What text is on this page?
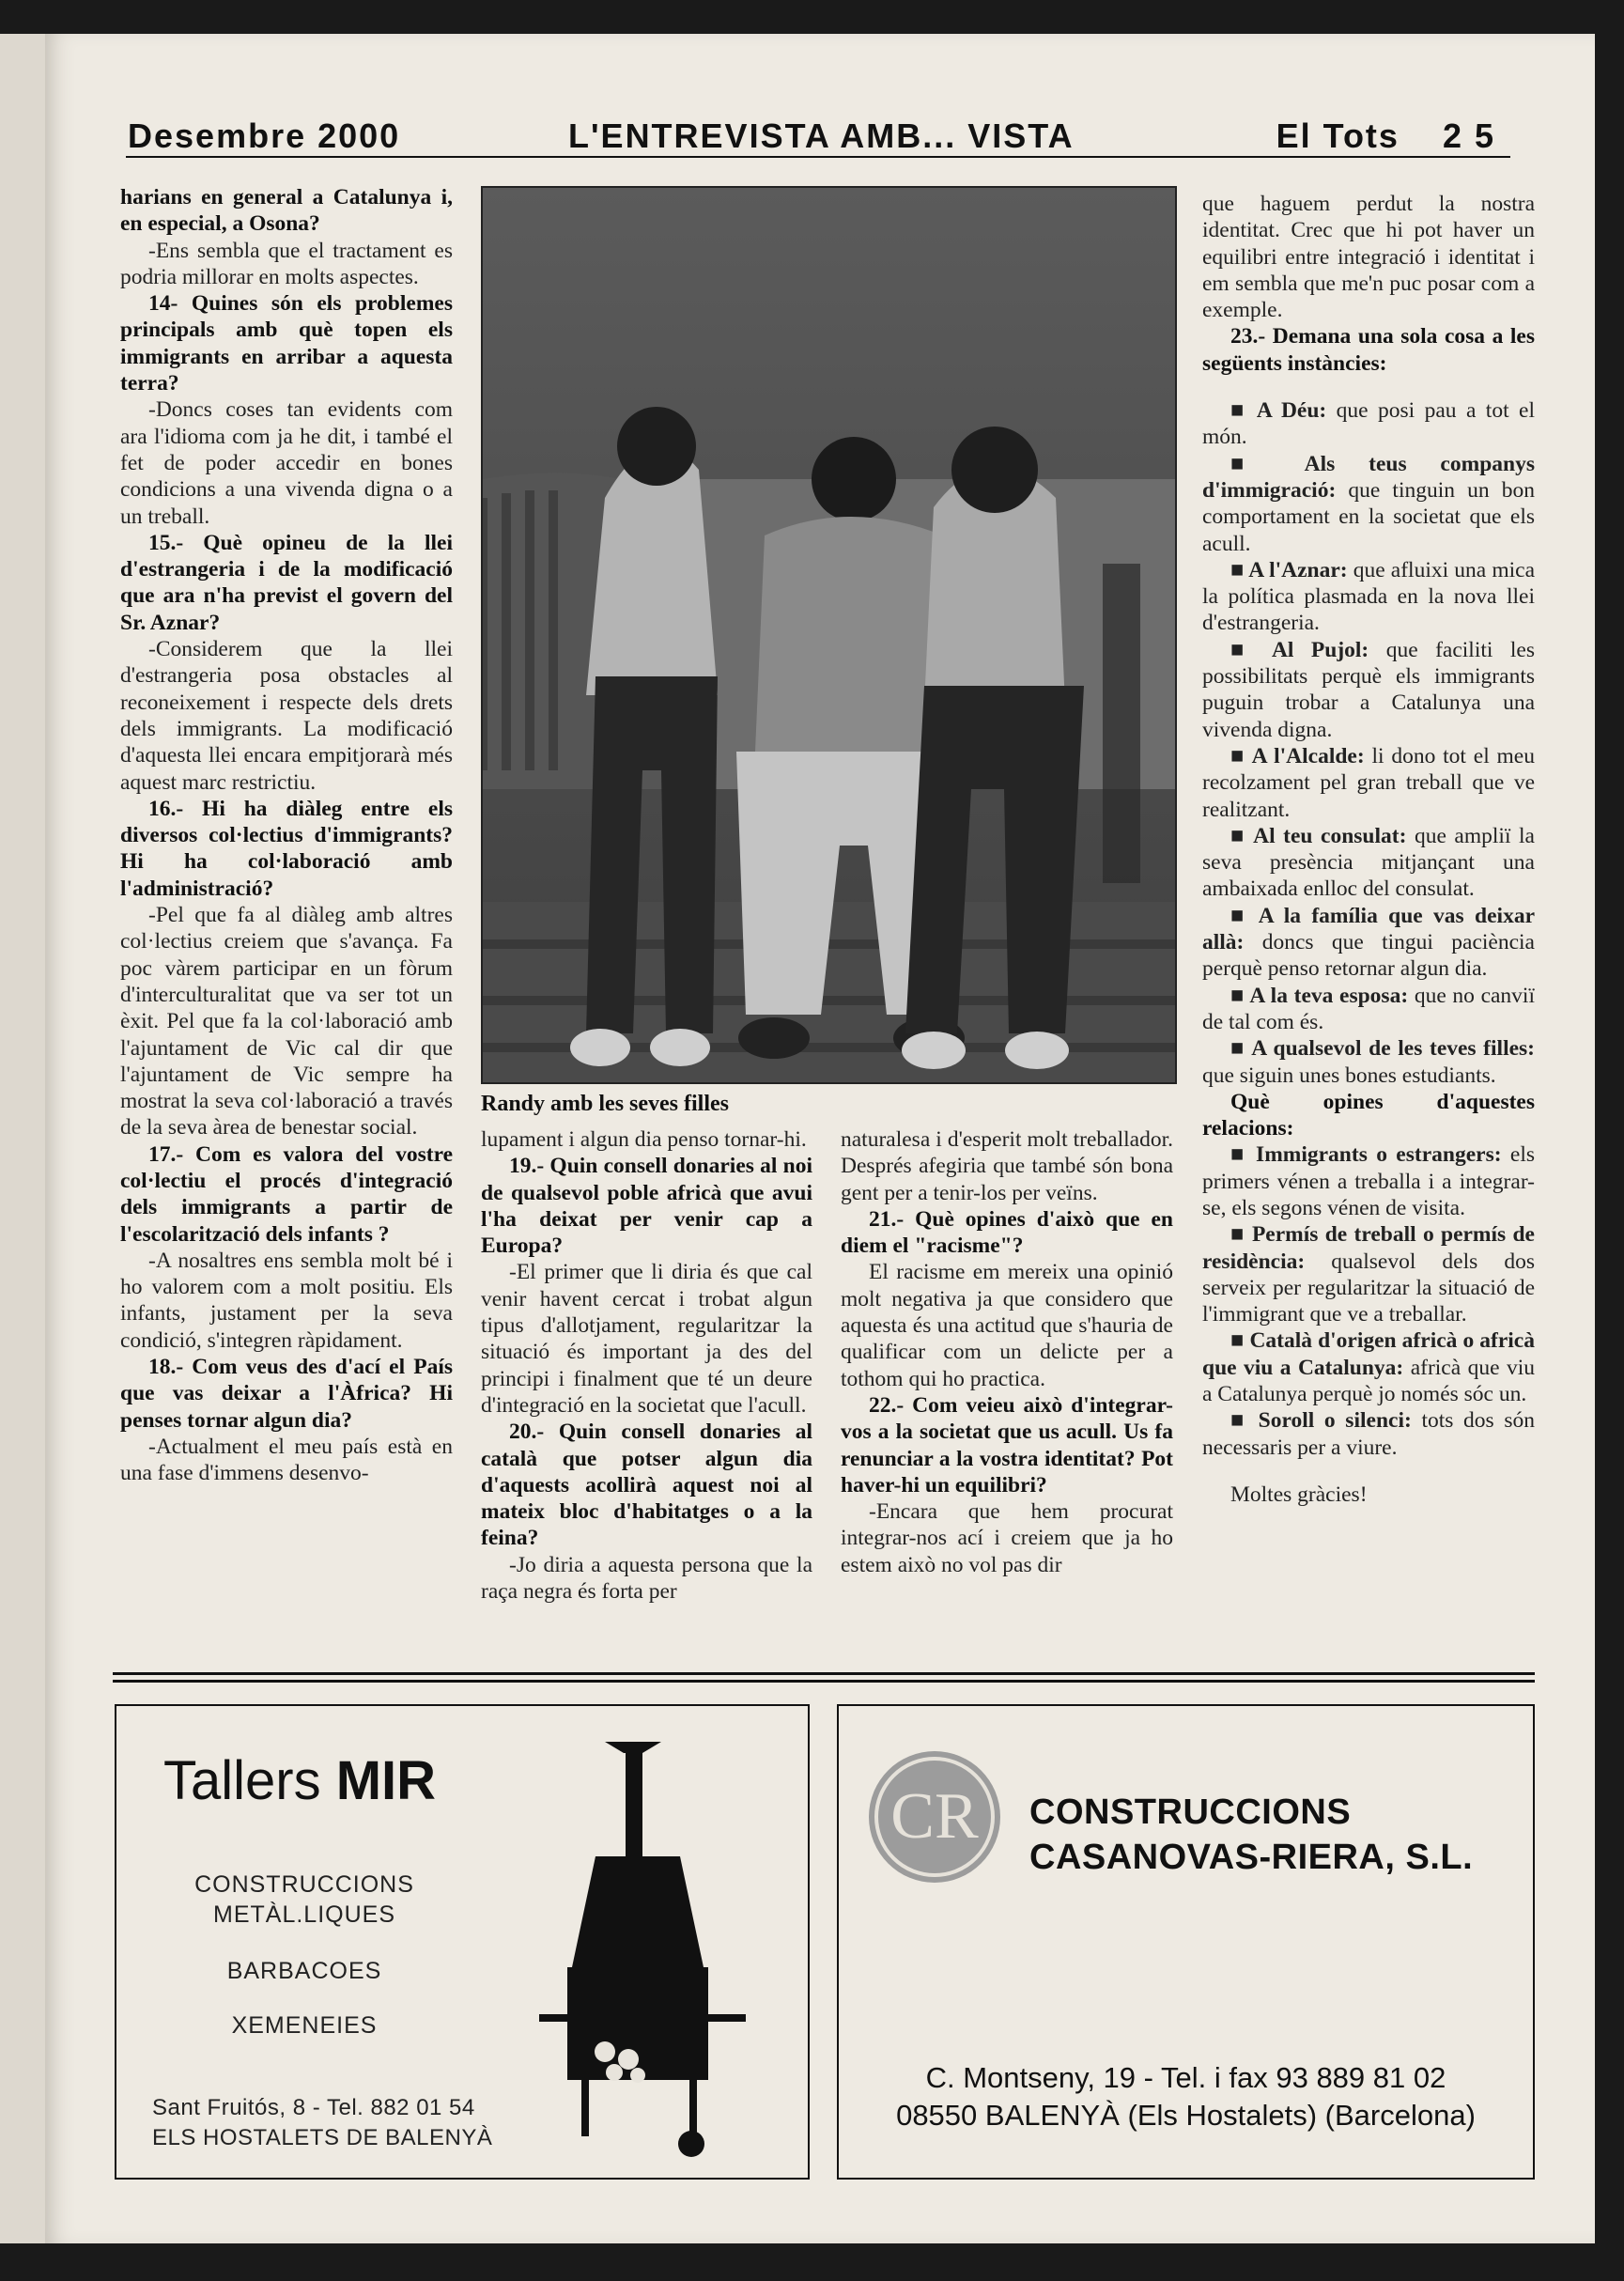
Desembre 2000	L'ENTREVISTA AMB... VISTA	El Tots 2 5

harians en general a Catalunya i, en especial, a Osona?

-Ens sembla que el tractament es podria millorar en molts aspectes.

14- Quines són els problemes principals amb què topen els immigrants en arribar a aquesta terra?

-Doncs coses tan evidents com ara l'idioma com ja he dit, i també el fet de poder accedir en bones condicions a una vivenda digna o a un treball.

15.- Què opineu de la llei d'estrangeria i de la modificació que ara n'ha previst el govern del Sr. Aznar?

-Considerem que la llei d'estrangeria posa obstacles al reconeixement i respecte dels drets dels immigrants. La modificació d'aquesta llei encara empitjorarà més aquest marc restrictiu.

16.- Hi ha diàleg entre els diversos col·lectius d'immigrants? Hi ha col·laboració amb l'administració?

-Pel que fa al diàleg amb altres col·lectius creiem que s'avança. Fa poc vàrem participar en un fòrum d'interculturalitat que va ser tot un èxit. Pel que fa la col·laboració amb l'ajuntament de Vic cal dir que l'ajuntament de Vic sempre ha mostrat la seva col·laboració a través de la seva àrea de benestar social.

17.- Com es valora del vostre col·lectiu el procés d'integració dels immigrants a partir de l'escolarització dels infants ?

-A nosaltres ens sembla molt bé i ho valorem com a molt positiu. Els infants, justament per la seva condició, s'integren ràpidament.

18.- Com veus des d'ací el País que vas deixar a l'Àfrica? Hi penses tornar algun dia?

-Actualment el meu país està en una fase d'immens desenvo-

Randy amb les seves filles

lupament i algun dia penso tornar-hi.

19.- Quin consell donaries al noi de qualsevol poble africà que avui l'ha deixat per venir cap a Europa?

-El primer que li diria és que cal venir havent cercat i trobat algun tipus d'allotjament, regularitzar la situació és important ja des del principi i finalment que té un deure d'integració en la societat que l'acull.

20.- Quin consell donaries al català que potser algun dia d'aquests acollirà aquest noi al mateix bloc d'habitatges o a la feina?

-Jo diria a aquesta persona que la raça negra és forta per

naturalesa i d'esperit molt treballador. Després afegiria que també són bona gent per a tenir-los per veïns.

21.- Què opines d'això que en diem el "racisme"?

El racisme em mereix una opinió molt negativa ja que considero que aquesta és una actitud que s'hauria de qualificar com un delicte per a tothom qui ho practica.

22.- Com veieu això d'integrar-vos a la societat que us acull. Us fa renunciar a la vostra identitat? Pot haver-hi un equilibri?

-Encara que hem procurat integrar-nos ací i creiem que ja ho estem això no vol pas dir

que haguem perdut la nostra identitat. Crec que hi pot haver un equilibri entre integració i identitat i em sembla que me'n puc posar com a exemple.

23.- Demana una sola cosa a les següents instàncies:

■ A Déu: que posi pau a tot el món.

■ Als teus companys d'immigració: que tinguin un bon comportament en la societat que els acull.

■ A l'Aznar: que afluixi una mica la política plasmada en la nova llei d'estrangeria.

■ Al Pujol: que faciliti les possibilitats perquè els immigrants puguin trobar a Catalunya una vivenda digna.

■ A l'Alcalde: li dono tot el meu recolzament pel gran treball que ve realitzant.

■ Al teu consulat: que ampliï la seva presència mitjançant una ambaixada enlloc del consulat.

■ A la família que vas deixar allà: doncs que tingui paciència perquè penso retornar algun dia.

■ A la teva esposa: que no canviï de tal com és.

■ A qualsevol de les teves filles: que siguin unes bones estudiants.

Què opines d'aquestes relacions:

■ Immigrants o estrangers: els primers vénen a treballa i a integrar-se, els segons vénen de visita.

■ Permís de treball o permís de residència: qualsevol dels dos serveix per regularitzar la situació de l'immigrant que ve a treballar.

■ Català d'origen africà o africà que viu a Catalunya: africà que viu a Catalunya perquè jo només sóc un.

■ Soroll o silenci: tots dos són necessaris per a viure.

Moltes gràcies!

Tallers MIR
CONSTRUCCIONS
METÀL.LIQUES
BARBACOES
XEMENEIES
Sant Fruitós, 8 - Tel. 882 01 54
ELS HOSTALETS DE BALENYÀ
CR CONSTRUCCIONS
CASANOVAS-RIERA, S.L.
C. Montseny, 19 - Tel. i fax 93 889 81 02
08550 BALENYÀ (Els Hostalets) (Barcelona)
